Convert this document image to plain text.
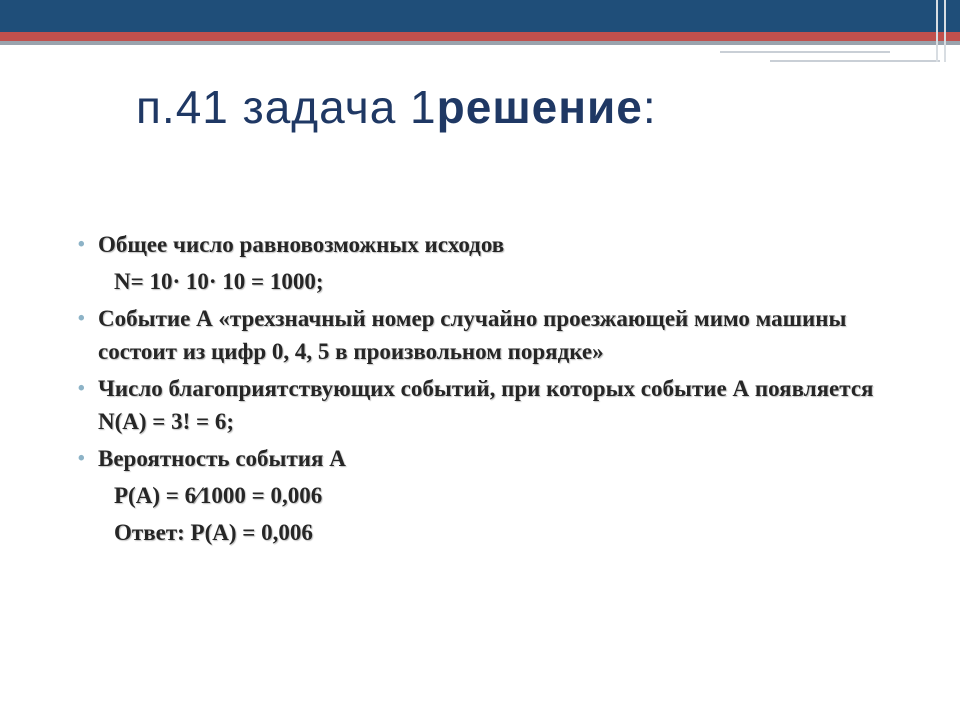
п.41 задача 1решение:
• Общее число равновозможных исходов
N= 10· 10· 10 = 1000;
• Событие А «трехзначный номер случайно проезжающей мимо машины состоит из цифр 0, 4, 5 в произвольном порядке»
• Число благоприятствующих событий, при которых событие А появляется N(A) = 3! = 6;
• Вероятность события А
P(A) = 6⁄1000 = 0,006
Ответ: P(A) = 0,006
